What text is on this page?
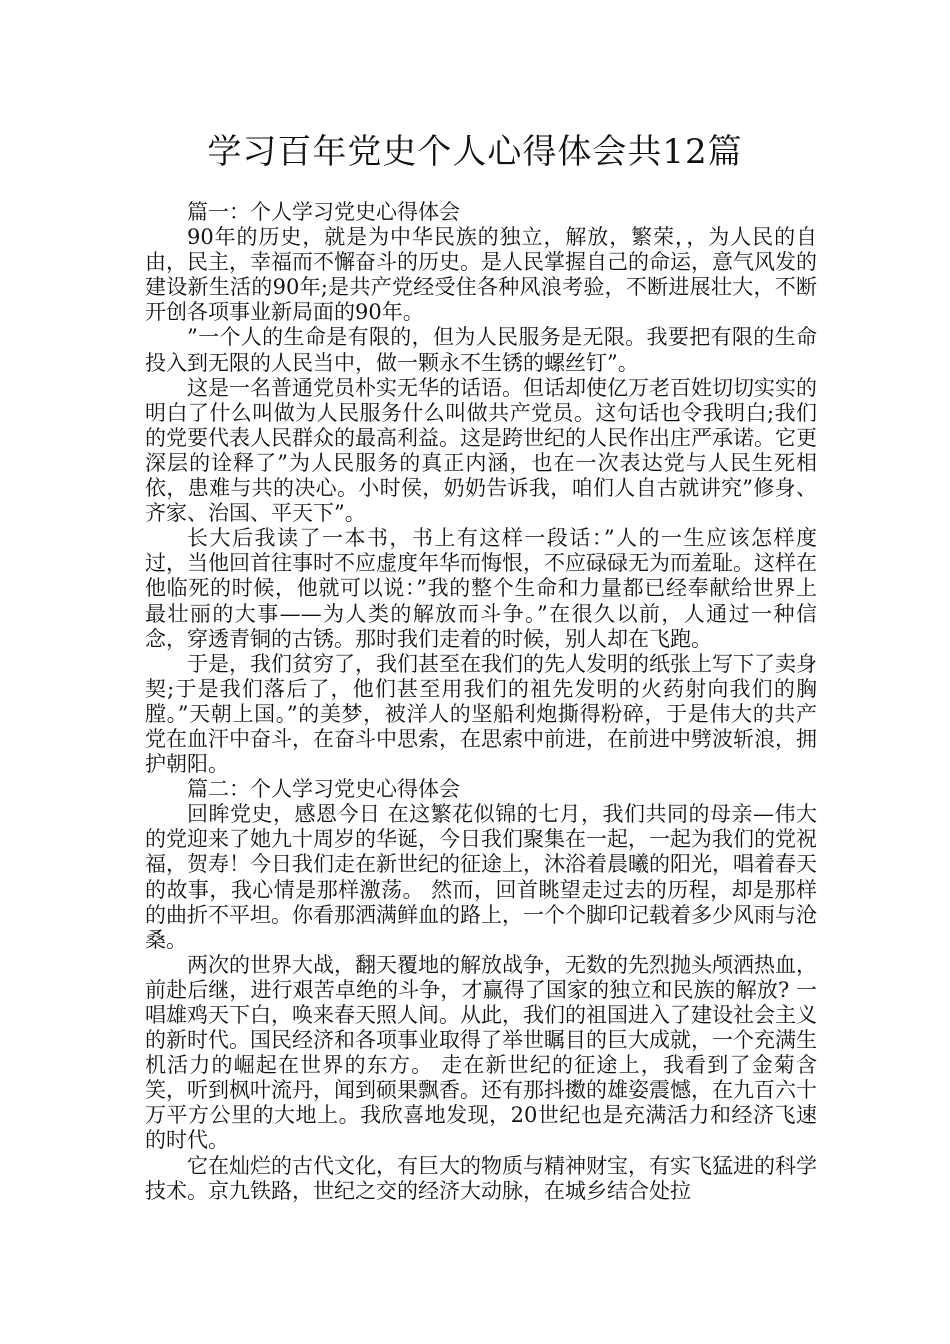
学习百年党史个人心得体会共12篇

篇一：个人学习党史心得体会

90年的历史，就是为中华民族的独立，解放，繁荣，，为人民的自由，民主，幸福而不懈奋斗的历史。是人民掌握自己的命运，意气风发的建设新生活的90年;是共产党经受住各种风浪考验，不断进展壮大，不断开创各项事业新局面的90年。

”一个人的生命是有限的，但为人民服务是无限。我要把有限的生命投入到无限的人民当中，做一颗永不生锈的螺丝钉”。

这是一名普通党员朴实无华的话语。但话却使亿万老百姓切切实实的明白了什么叫做为人民服务什么叫做共产党员。这句话也令我明白;我们的党要代表人民群众的最高利益。这是跨世纪的人民作出庄严承诺。它更深层的诠释了”为人民服务的真正内涵，也在一次表达党与人民生死相依，患难与共的决心。小时侯，奶奶告诉我，咱们人自古就讲究”修身、齐家、治国、平天下”。

长大后我读了一本书，书上有这样一段话：”人的一生应该怎样度过，当他回首往事时不应虚度年华而悔恨，不应碌碌无为而羞耻。这样在他临死的时候，他就可以说：”我的整个生命和力量都已经奉献给世界上最壮丽的大事——为人类的解放而斗争。”在很久以前，人通过一种信念，穿透青铜的古锈。那时我们走着的时候，别人却在飞跑。

于是，我们贫穷了，我们甚至在我们的先人发明的纸张上写下了卖身契;于是我们落后了，他们甚至用我们的祖先发明的火药射向我们的胸膛。”天朝上国。”的美梦，被洋人的坚船利炮撕得粉碎，于是伟大的共产党在血汗中奋斗，在奋斗中思索，在思索中前进，在前进中劈波斩浪，拥护朝阳。

篇二：个人学习党史心得体会

回眸党史，感恩今日 在这繁花似锦的七月，我们共同的母亲—伟大的党迎来了她九十周岁的华诞，今日我们聚集在一起，一起为我们的党祝福，贺寿！今日我们走在新世纪的征途上，沐浴着晨曦的阳光，唱着春天的故事，我心情是那样激荡。 然而，回首眺望走过去的历程，却是那样的曲折不平坦。你看那洒满鲜血的路上，一个个脚印记载着多少风雨与沧桑。

两次的世界大战，翻天覆地的解放战争，无数的先烈抛头颅洒热血，前赴后继，进行艰苦卓绝的斗争，才赢得了国家的独立和民族的解放? 一唱雄鸡天下白，唤来春天照人间。从此，我们的祖国进入了建设社会主义的新时代。国民经济和各项事业取得了举世瞩目的巨大成就，一个充满生机活力的崛起在世界的东方。 走在新世纪的征途上，我看到了金菊含笑，听到枫叶流丹，闻到硕果飘香。还有那抖擞的雄姿震憾，在九百六十万平方公里的大地上。我欣喜地发现，20世纪也是充满活力和经济飞速的时代。

它在灿烂的古代文化，有巨大的物质与精神财宝，有实飞猛进的科学技术。京九铁路，世纪之交的经济大动脉，在城乡结合处拉
